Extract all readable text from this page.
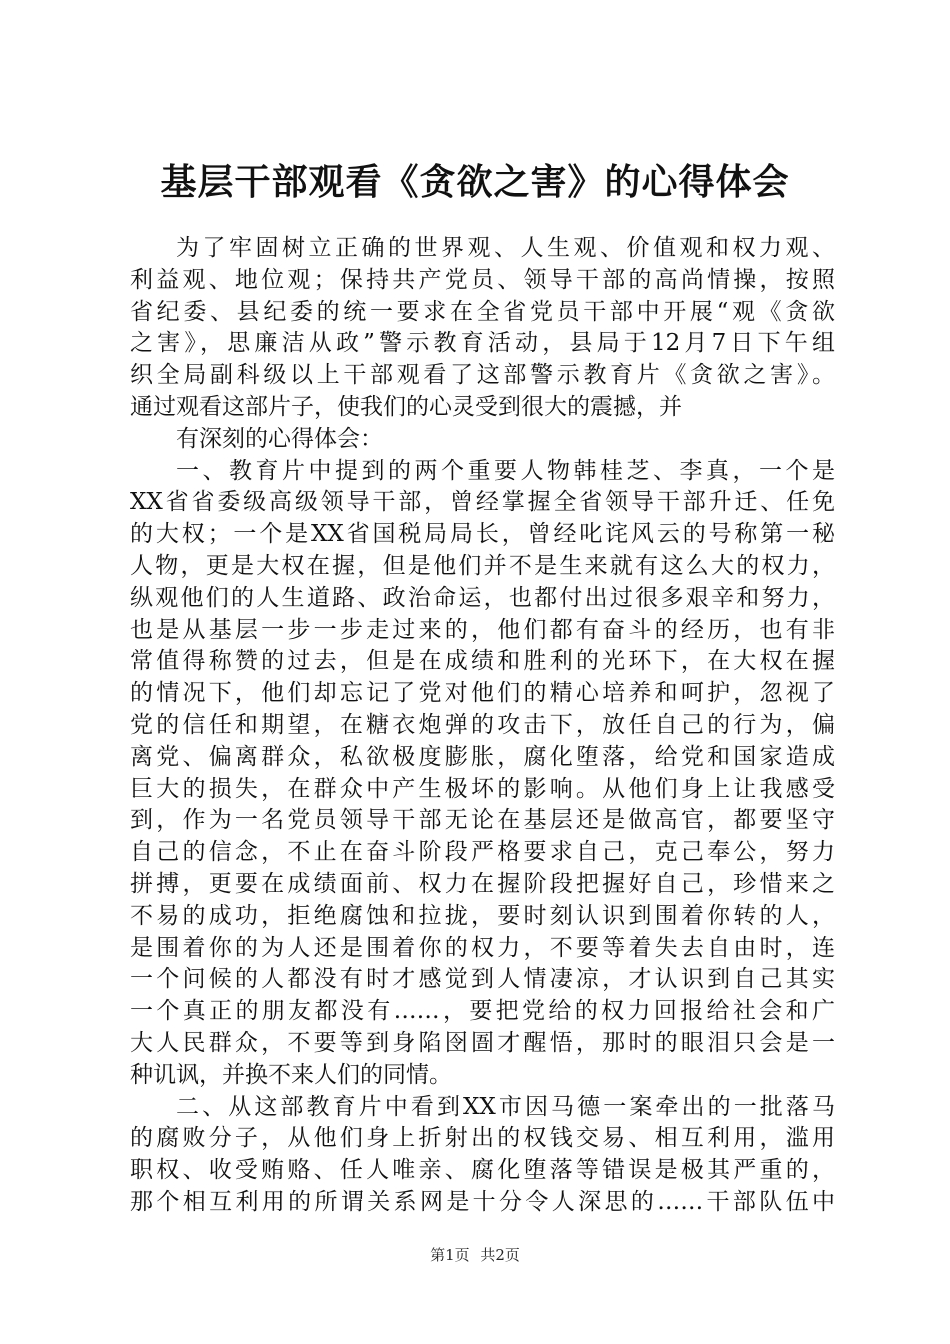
基层干部观看《贪欲之害》的心得体会
为了牢固树立正确的世界观、人生观、价值观和权力观、
利益观、地位观；保持共产党员、领导干部的高尚情操，按照
省纪委、县纪委的统一要求在全省党员干部中开展“观《贪欲
之害》，思廉洁从政”警示教育活动，县局于12月7日下午组
织全局副科级以上干部观看了这部警示教育片《贪欲之害》。
通过观看这部片子，使我们的心灵受到很大的震撼，并
有深刻的心得体会：
一、教育片中提到的两个重要人物韩桂芝、李真，一个是
XX省省委级高级领导干部，曾经掌握全省领导干部升迁、任免
的大权；一个是XX省国税局局长，曾经叱诧风云的号称第一秘
人物，更是大权在握，但是他们并不是生来就有这么大的权力，
纵观他们的人生道路、政治命运，也都付出过很多艰辛和努力，
也是从基层一步一步走过来的，他们都有奋斗的经历，也有非
常值得称赞的过去，但是在成绩和胜利的光环下，在大权在握
的情况下，他们却忘记了党对他们的精心培养和呵护，忽视了
党的信任和期望，在糖衣炮弹的攻击下，放任自己的行为，偏
离党、偏离群众，私欲极度膨胀，腐化堕落，给党和国家造成
巨大的损失，在群众中产生极坏的影响。从他们身上让我感受
到，作为一名党员领导干部无论在基层还是做高官，都要坚守
自己的信念，不止在奋斗阶段严格要求自己，克己奉公，努力
拼搏，更要在成绩面前、权力在握阶段把握好自己，珍惜来之
不易的成功，拒绝腐蚀和拉拢，要时刻认识到围着你转的人，
是围着你的为人还是围着你的权力，不要等着失去自由时，连
一个问候的人都没有时才感觉到人情凄凉，才认识到自己其实
一个真正的朋友都没有……，要把党给的权力回报给社会和广
大人民群众，不要等到身陷囹圄才醒悟，那时的眼泪只会是一
种讥讽，并换不来人们的同情。
二、从这部教育片中看到XX市因马德一案牵出的一批落马
的腐败分子，从他们身上折射出的权钱交易、相互利用，滥用
职权、收受贿赂、任人唯亲、腐化堕落等错误是极其严重的，
那个相互利用的所谓关系网是十分令人深思的……干部队伍中
第1页 共2页
